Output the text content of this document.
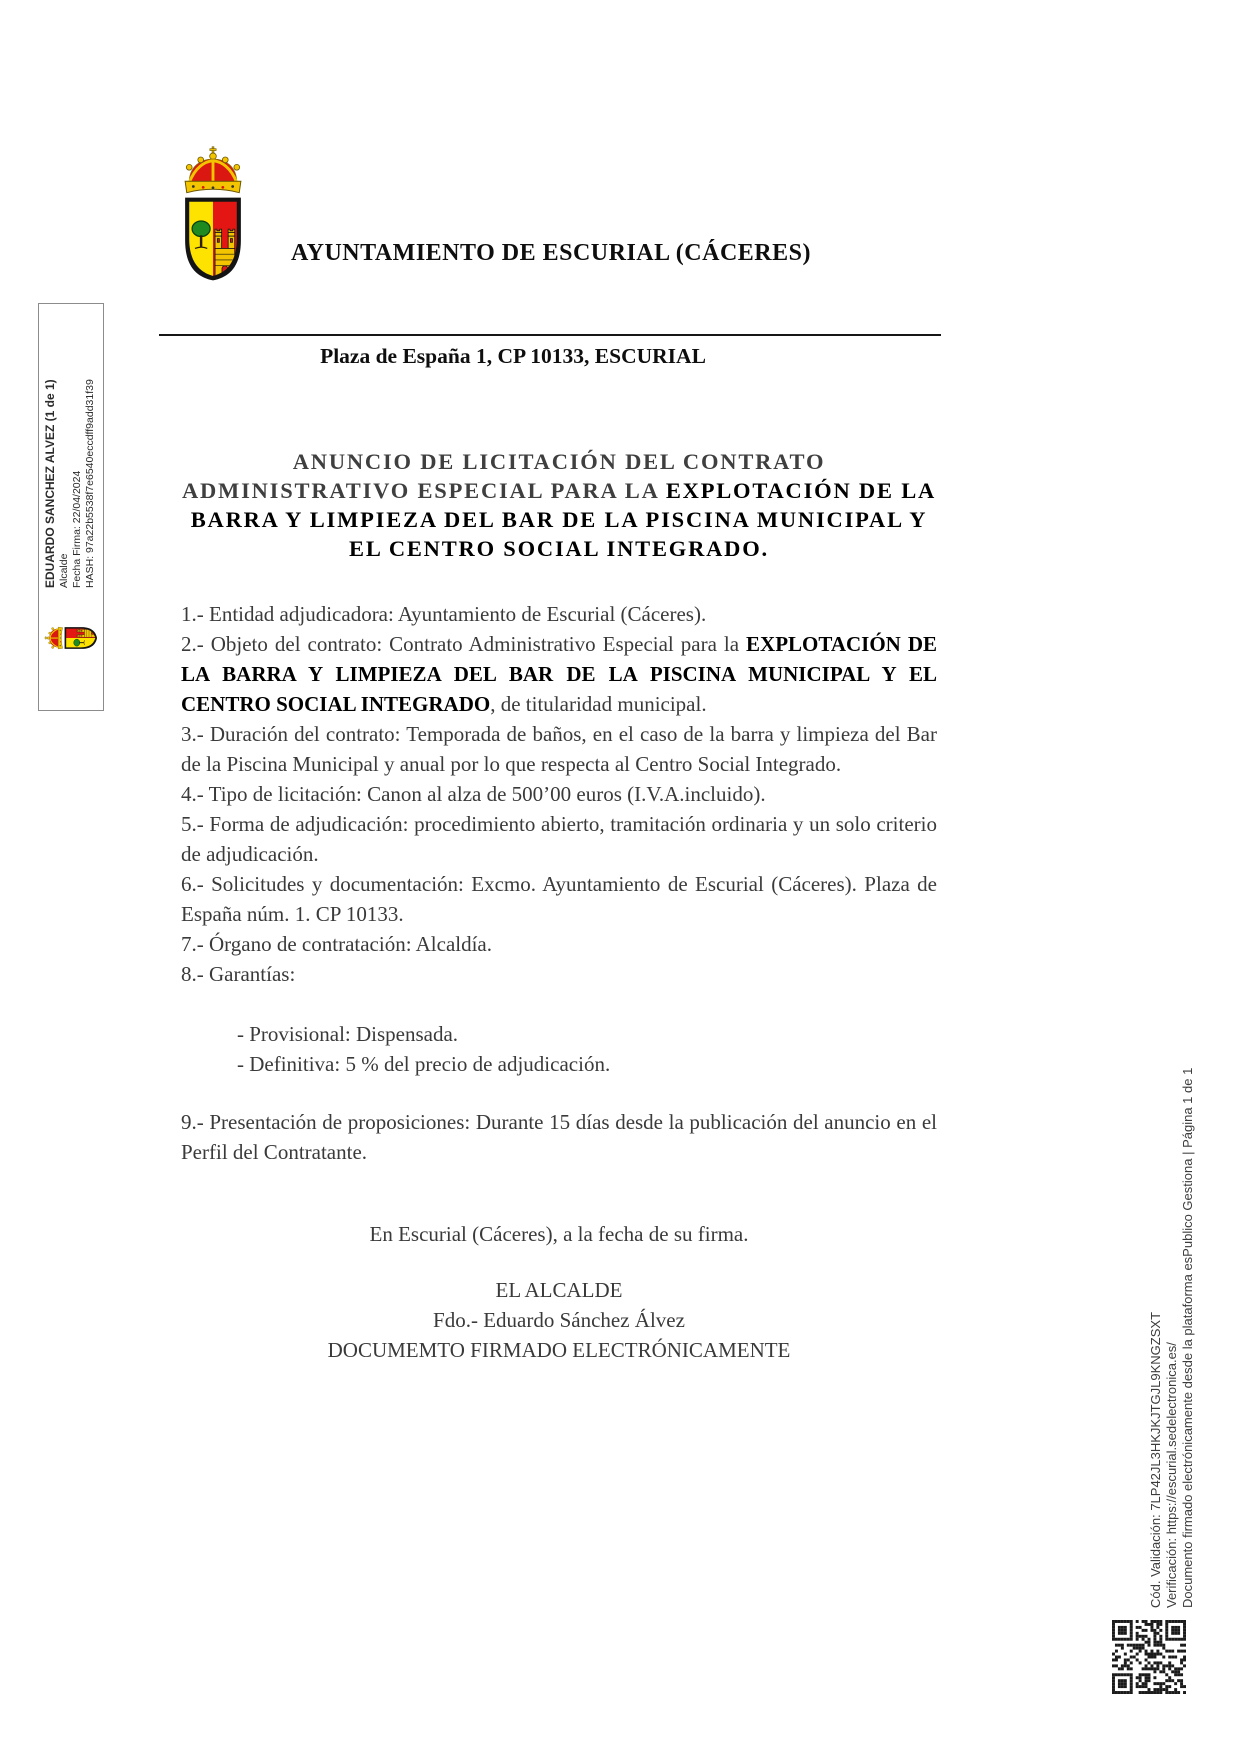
EDUARDO SANCHEZ ALVEZ (1 de 1) Alcalde Fecha Firma: 22/04/2024 HASH: 97a22b5538f7e6540eccdff9add31f39
AYUNTAMIENTO DE ESCURIAL (CÁCERES)
Plaza de España 1, CP 10133, ESCURIAL
ANUNCIO DE LICITACIÓN DEL CONTRATO ADMINISTRATIVO ESPECIAL PARA LA EXPLOTACIÓN DE LA BARRA Y LIMPIEZA DEL BAR DE LA PISCINA MUNICIPAL Y EL CENTRO SOCIAL INTEGRADO.

1.- Entidad adjudicadora: Ayuntamiento de Escurial (Cáceres).

2.- Objeto del contrato: Contrato Administrativo Especial para la EXPLOTACIÓN DE LA BARRA Y LIMPIEZA DEL BAR DE LA PISCINA MUNICIPAL Y EL CENTRO SOCIAL INTEGRADO, de titularidad municipal.

3.- Duración del contrato: Temporada de baños, en el caso de la barra y limpieza del Bar de la Piscina Municipal y anual por lo que respecta al Centro Social Integrado.

4.- Tipo de licitación: Canon al alza de 500’00 euros (I.V.A.incluido).

5.- Forma de adjudicación: procedimiento abierto, tramitación ordinaria y un solo criterio de adjudicación.

6.- Solicitudes y documentación: Excmo. Ayuntamiento de Escurial (Cáceres). Plaza de España núm. 1. CP 10133.

7.- Órgano de contratación: Alcaldía.

8.- Garantías:

- Provisional: Dispensada.

- Definitiva: 5 % del precio de adjudicación.

9.- Presentación de proposiciones: Durante 15 días desde la publicación del anuncio en el Perfil del Contratante.

En Escurial (Cáceres), a la fecha de su firma.

EL ALCALDE

Fdo.- Eduardo Sánchez Álvez

DOCUMEMTO FIRMADO ELECTRÓNICAMENTE	Cód. Validación: 7LP42JL3HKJKJTGJL9KNGZSXT Verificación: https://escurial.sedelectronica.es/ Documento firmado electrónicamente desde la plataforma esPublico Gestiona | Página 1 de 1
